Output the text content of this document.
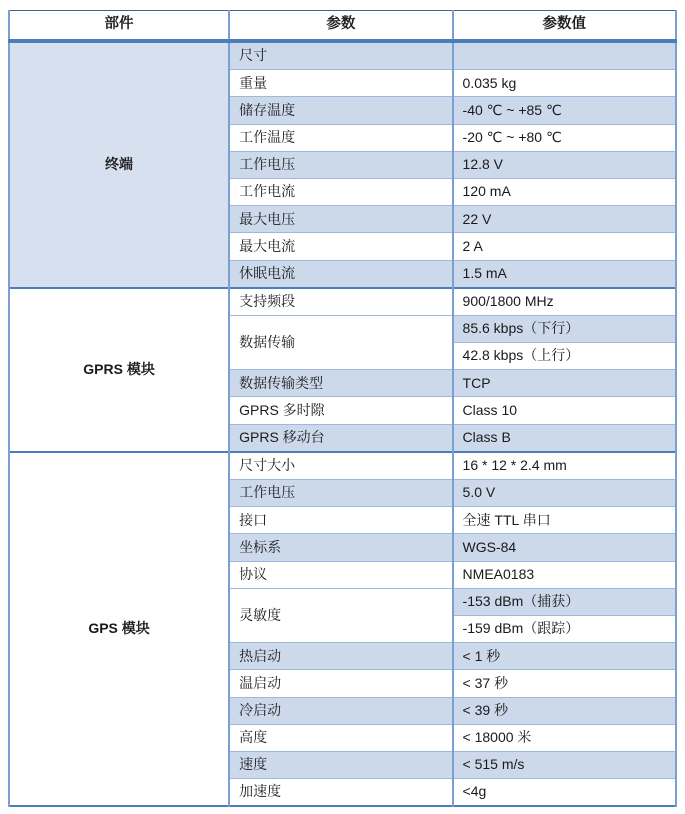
部件	参数	参数值
终端	尺寸	
	重量	0.035 kg
	储存温度	-40 ℃ ~ +85 ℃
	工作温度	-20 ℃ ~ +80 ℃
	工作电压	12.8 V
	工作电流	120 mA
	最大电压	22 V
	最大电流	2 A
	休眠电流	1.5 mA
GPRS 模块	支持频段	900/1800 MHz
	数据传输	85.6 kbps（下行）
		42.8 kbps（上行）
	数据传输类型	TCP
	GPRS 多时隙	Class 10
	GPRS 移动台	Class B
GPS 模块	尺寸大小	16 * 12 * 2.4 mm
	工作电压	5.0 V
	接口	全速 TTL 串口
	坐标系	WGS-84
	协议	NMEA0183
	灵敏度	-153 dBm（捕获）
		-159 dBm（跟踪）
	热启动	< 1 秒
	温启动	< 37 秒
	冷启动	< 39 秒
	高度	< 18000 米
	速度	< 515 m/s
	加速度	<4g
